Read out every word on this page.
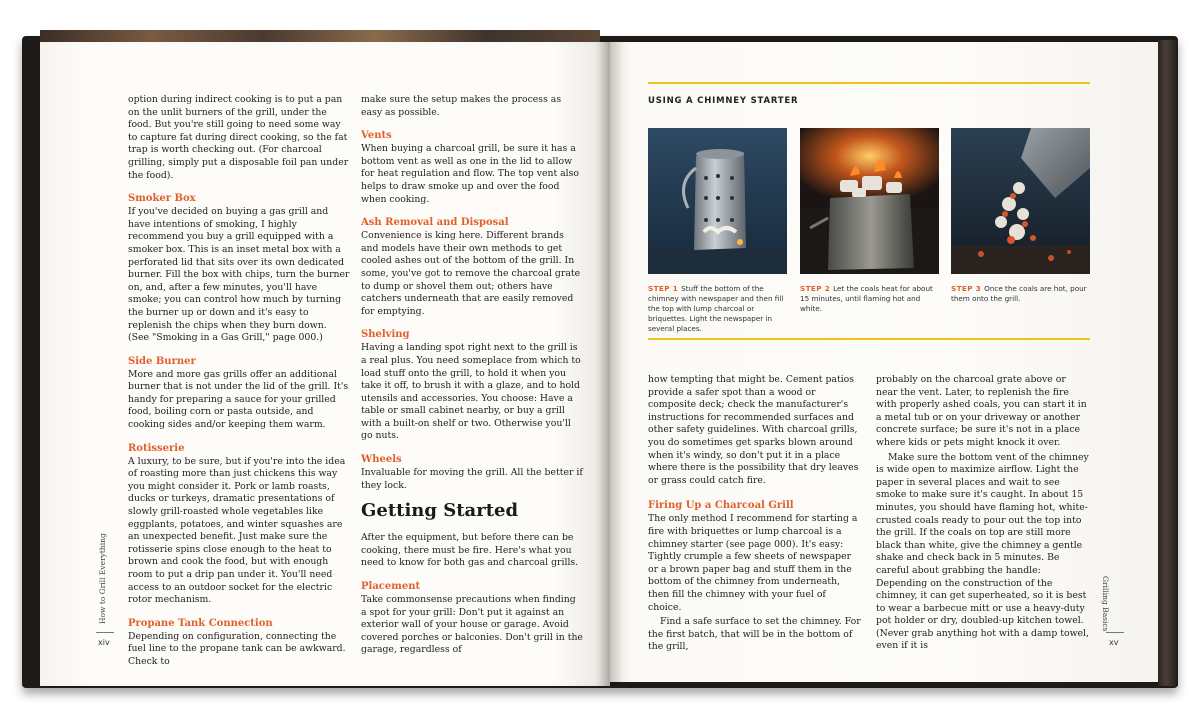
option during indirect cooking is to put a pan on the unlit burners of the grill, under the food. But you're still going to need some way to capture fat during direct cooking, so the fat trap is worth checking out. (For charcoal grilling, simply put a disposable foil pan under the food).

Smoker Box

If you've decided on buying a gas grill and have intentions of smoking, I highly recommend you buy a grill equipped with a smoker box. This is an inset metal box with a perforated lid that sits over its own dedicated burner. Fill the box with chips, turn the burner on, and, after a few minutes, you'll have smoke; you can control how much by turning the burner up or down and it's easy to replenish the chips when they burn down. (See "Smoking in a Gas Grill," page 000.)

Side Burner

More and more gas grills offer an additional burner that is not under the lid of the grill. It's handy for preparing a sauce for your grilled food, boiling corn or pasta outside, and cooking sides and/or keeping them warm.

Rotisserie

A luxury, to be sure, but if you're into the idea of roasting more than just chickens this way you might consider it. Pork or lamb roasts, ducks or turkeys, dramatic presentations of slowly grill-roasted whole vegetables like eggplants, potatoes, and winter squashes are an unexpected benefit. Just make sure the rotisserie spins close enough to the heat to brown and cook the food, but with enough room to put a drip pan under it. You'll need access to an outdoor socket for the electric rotor mechanism.

Propane Tank Connection

Depending on configuration, connecting the fuel line to the propane tank can be awkward. Check to

make sure the setup makes the process as easy as possible.

Vents

When buying a charcoal grill, be sure it has a bottom vent as well as one in the lid to allow for heat regulation and flow. The top vent also helps to draw smoke up and over the food when cooking.

Ash Removal and Disposal

Convenience is king here. Different brands and models have their own methods to get cooled ashes out of the bottom of the grill. In some, you've got to remove the charcoal grate to dump or shovel them out; others have catchers underneath that are easily removed for emptying.

Shelving

Having a landing spot right next to the grill is a real plus. You need someplace from which to load stuff onto the grill, to hold it when you take it off, to brush it with a glaze, and to hold utensils and accessories. You choose: Have a table or small cabinet nearby, or buy a grill with a built-on shelf or two. Otherwise you'll go nuts.

Wheels

Invaluable for moving the grill. All the better if they lock.

Getting Started

After the equipment, but before there can be cooking, there must be fire. Here's what you need to know for both gas and charcoal grills.

Placement

Take commonsense precautions when finding a spot for your grill: Don't put it against an exterior wall of your house or garage. Avoid covered porches or balconies. Don't grill in the garage, regardless of

How to Grill Everything
xiv
USING A CHIMNEY STARTER
STEP 1 Stuff the bottom of the chimney with newspaper and then fill the top with lump charcoal or briquettes. Light the newspaper in several places.
STEP 2 Let the coals heat for about 15 minutes, until flaming hot and white.
STEP 3 Once the coals are hot, pour them onto the grill.

how tempting that might be. Cement patios provide a safer spot than a wood or composite deck; check the manufacturer's instructions for recommended surfaces and other safety guidelines. With charcoal grills, you do sometimes get sparks blown around when it's windy, so don't put it in a place where there is the possibility that dry leaves or grass could catch fire.

Firing Up a Charcoal Grill

The only method I recommend for starting a fire with briquettes or lump charcoal is a chimney starter (see page 000). It's easy: Tightly crumple a few sheets of newspaper or a brown paper bag and stuff them in the bottom of the chimney from underneath, then fill the chimney with your fuel of choice.

Find a safe surface to set the chimney. For the first batch, that will be in the bottom of the grill,

probably on the charcoal grate above or near the vent. Later, to replenish the fire with properly ashed coals, you can start it in a metal tub or on your driveway or another concrete surface; be sure it's not in a place where kids or pets might knock it over.

Make sure the bottom vent of the chimney is wide open to maximize airflow. Light the paper in several places and wait to see smoke to make sure it's caught. In about 15 minutes, you should have flaming hot, white-crusted coals ready to pour out the top into the grill. If the coals on top are still more black than white, give the chimney a gentle shake and check back in 5 minutes. Be careful about grabbing the handle: Depending on the construction of the chimney, it can get superheated, so it is best to wear a barbecue mitt or use a heavy-duty pot holder or dry, doubled-up kitchen towel. (Never grab anything hot with a damp towel, even if it is

Grilling Basics
xv
